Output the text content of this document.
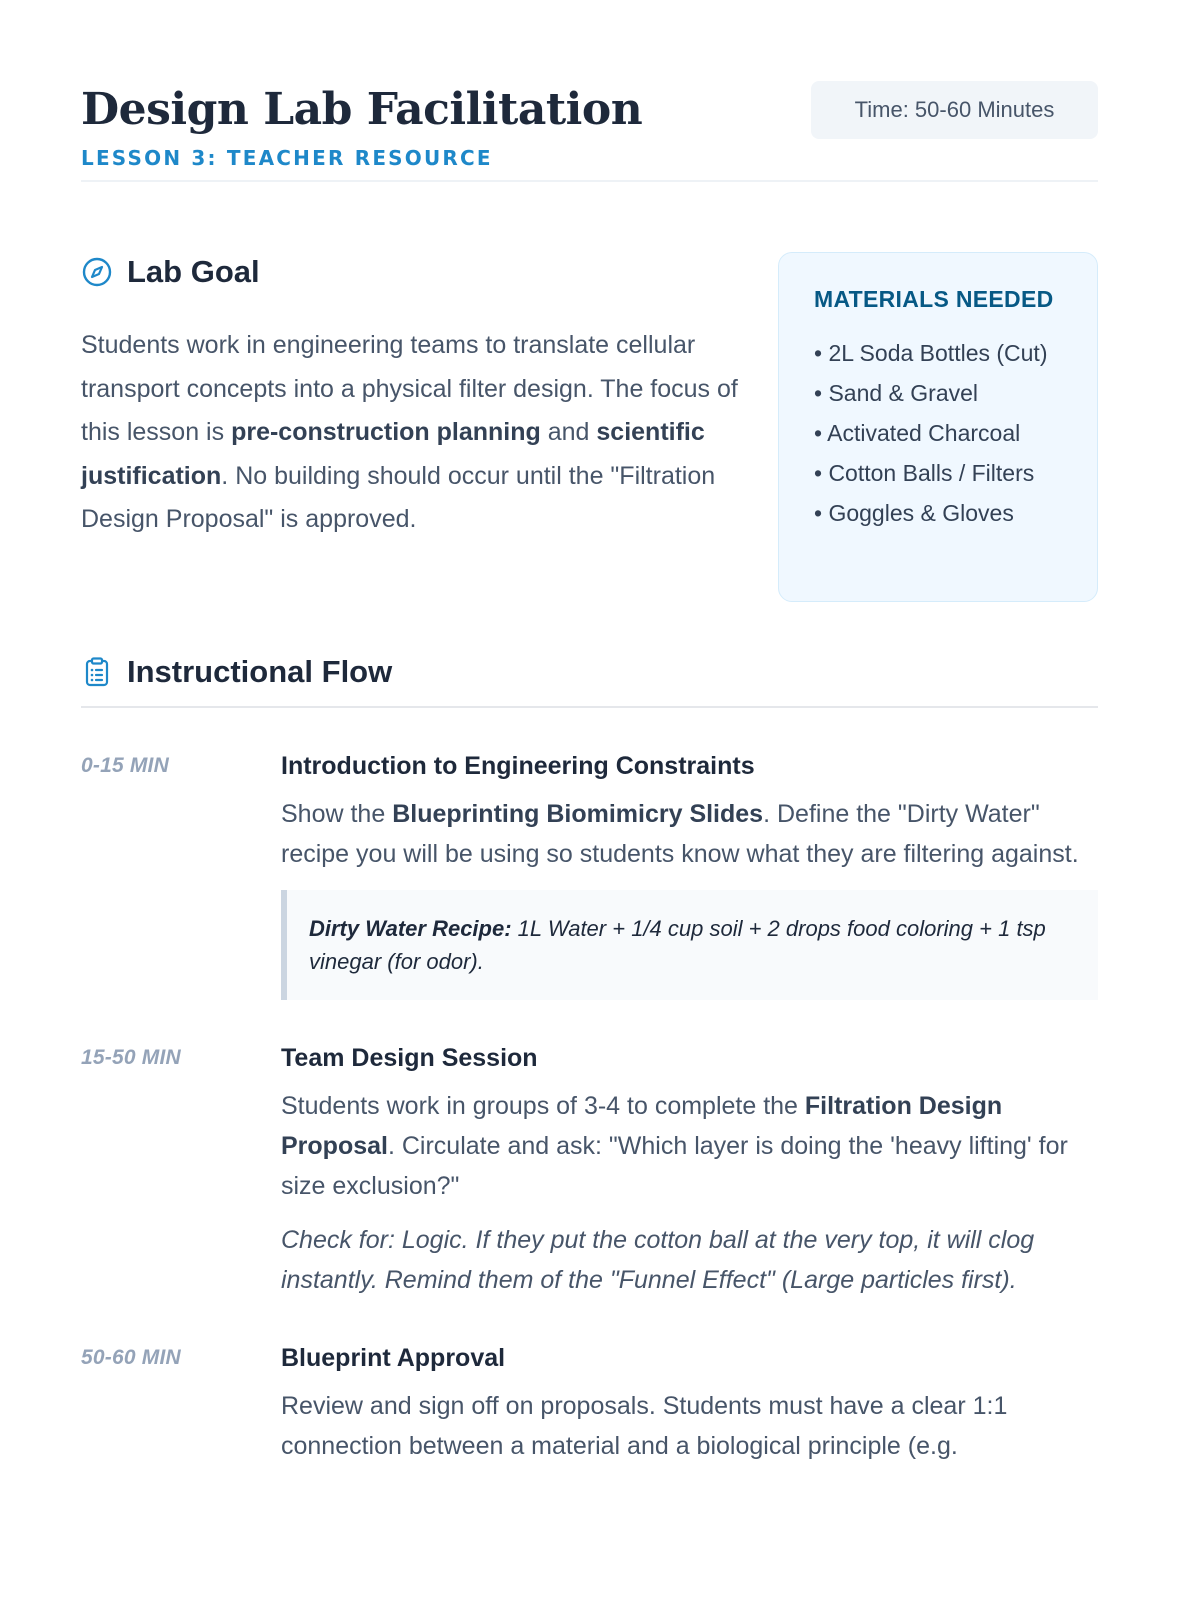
Design Lab Facilitation
LESSON 3: TEACHER RESOURCE
Time: 50-60 Minutes
Lab Goal

Students work in engineering teams to translate cellular transport concepts into a physical filter design. The focus of this lesson is pre-construction planning and scientific justification. No building should occur until the "Filtration Design Proposal" is approved.

MATERIALS NEEDED
• 2L Soda Bottles (Cut)
• Sand & Gravel
• Activated Charcoal
• Cotton Balls / Filters
• Goggles & Gloves
Instructional Flow
0-15 MIN	Introduction to Engineering Constraints
Show the Blueprinting Biomimicry Slides. Define the "Dirty Water" recipe you will be using so students know what they are filtering against.
Dirty Water Recipe: 1L Water + 1/4 cup soil + 2 drops food coloring + 1 tsp vinegar (for odor).
15-50 MIN	Team Design Session
Students work in groups of 3-4 to complete the Filtration Design Proposal. Circulate and ask: "Which layer is doing the 'heavy lifting' for size exclusion?"
Check for: Logic. If they put the cotton ball at the very top, it will clog instantly. Remind them of the "Funnel Effect" (Large particles first).
50-60 MIN	Blueprint Approval
Review and sign off on proposals. Students must have a clear 1:1 connection between a material and a biological principle (e.g.
